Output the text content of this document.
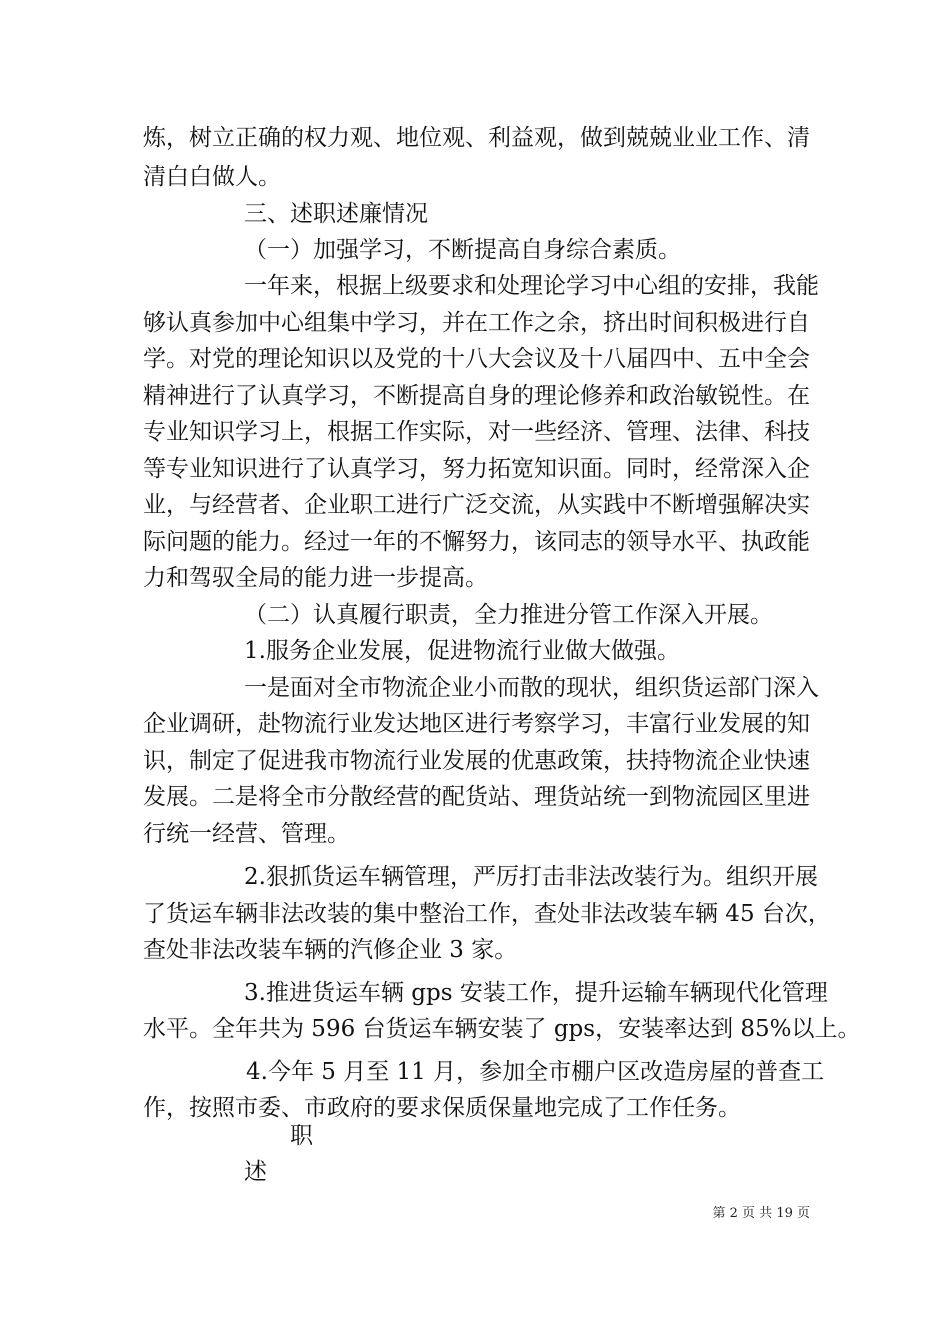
炼，树立正确的权力观、地位观、利益观，做到兢兢业业工作、清
清白白做人。
三、述职述廉情况
（一）加强学习，不断提高自身综合素质。
一年来，根据上级要求和处理论学习中心组的安排，我能
够认真参加中心组集中学习，并在工作之余，挤出时间积极进行自
学。对党的理论知识以及党的十八大会议及十八届四中、五中全会
精神进行了认真学习，不断提高自身的理论修养和政治敏锐性。在
专业知识学习上，根据工作实际，对一些经济、管理、法律、科技
等专业知识进行了认真学习，努力拓宽知识面。同时，经常深入企
业，与经营者、企业职工进行广泛交流，从实践中不断增强解决实
际问题的能力。经过一年的不懈努力，该同志的领导水平、执政能
力和驾驭全局的能力进一步提高。
（二）认真履行职责，全力推进分管工作深入开展。
1.服务企业发展，促进物流行业做大做强。
一是面对全市物流企业小而散的现状，组织货运部门深入
企业调研，赴物流行业发达地区进行考察学习，丰富行业发展的知
识，制定了促进我市物流行业发展的优惠政策，扶持物流企业快速
发展。二是将全市分散经营的配货站、理货站统一到物流园区里进
行统一经营、管理。
2.狠抓货运车辆管理，严厉打击非法改装行为。组织开展
了货运车辆非法改装的集中整治工作，查处非法改装车辆 45 台次，
查处非法改装车辆的汽修企业 3 家。
3.推进货运车辆 gps 安装工作，提升运输车辆现代化管理
水平。全年共为 596 台货运车辆安装了 gps，安装率达到 85%以上。
4.今年 5 月至 11 月，参加全市棚户区改造房屋的普查工
作，按照市委、市政府的要求保质保量地完成了工作任务。
职
述
第 2 页 共 19 页
